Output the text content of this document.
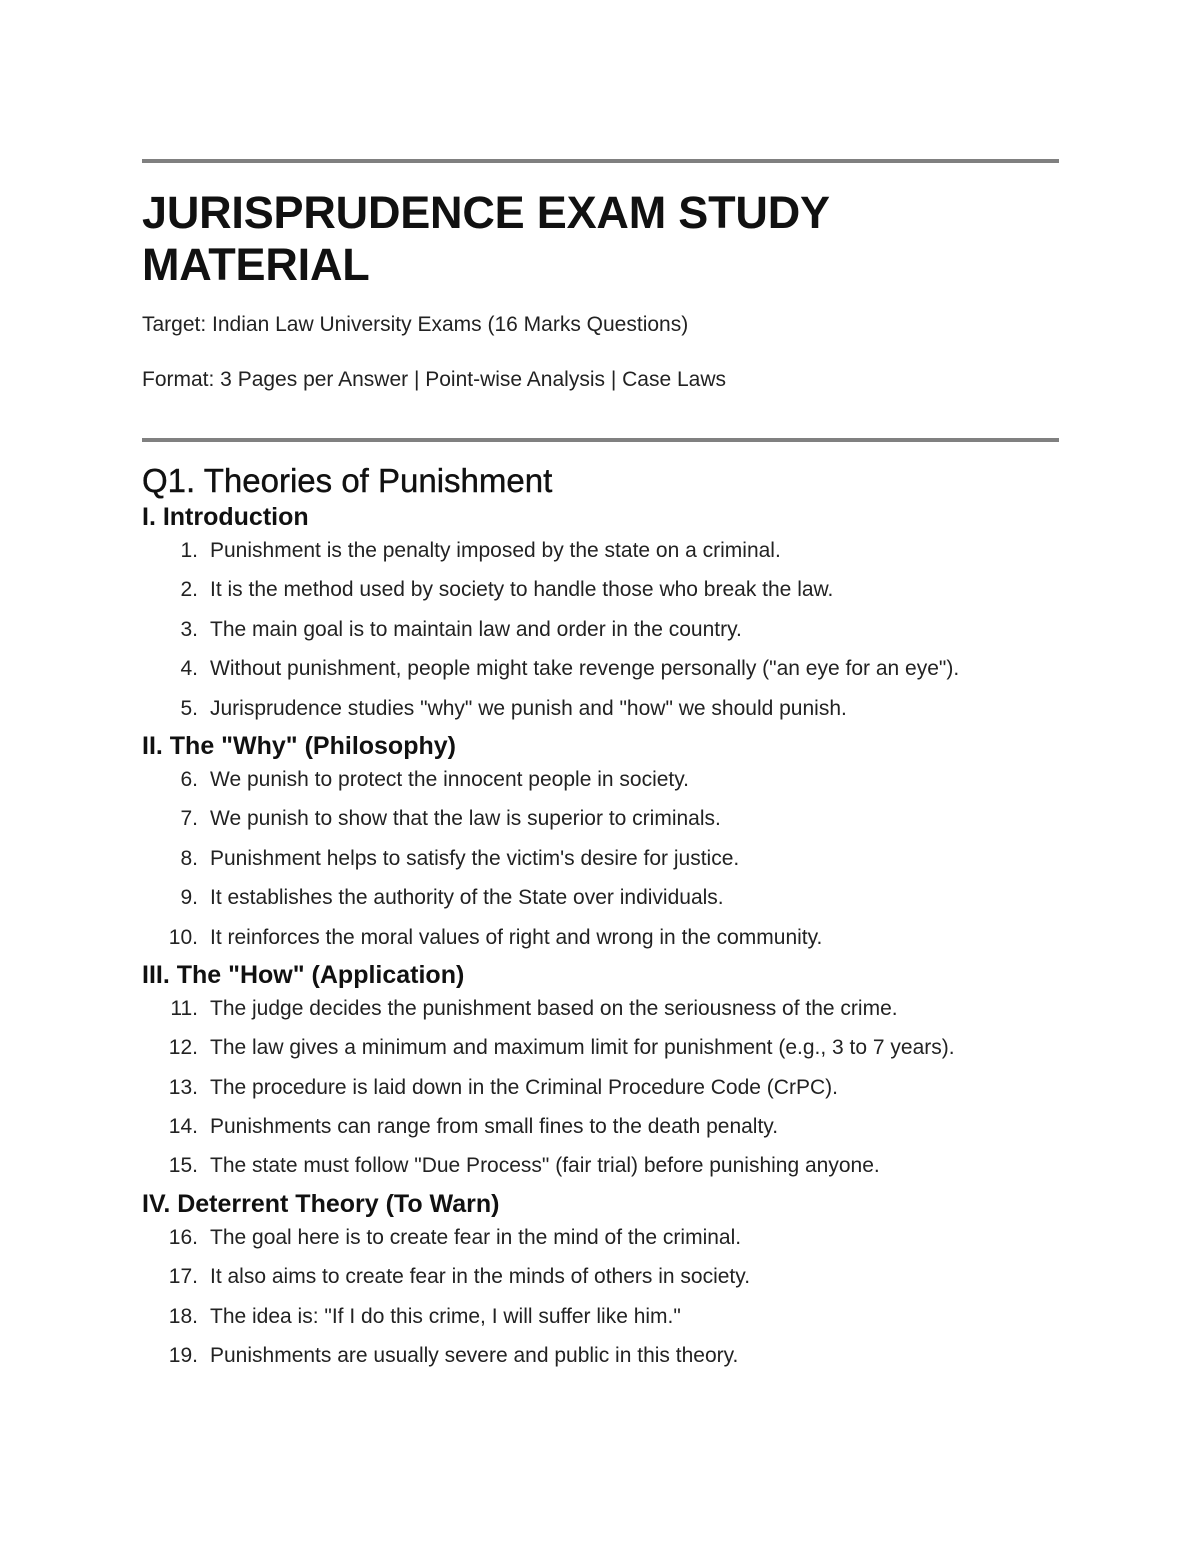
JURISPRUDENCE EXAM STUDY MATERIAL

Target: Indian Law University Exams (16 Marks Questions)

Format: 3 Pages per Answer | Point-wise Analysis | Case Laws

Q1. Theories of Punishment
I. Introduction
1. Punishment is the penalty imposed by the state on a criminal.
2. It is the method used by society to handle those who break the law.
3. The main goal is to maintain law and order in the country.
4. Without punishment, people might take revenge personally ("an eye for an eye").
5. Jurisprudence studies "why" we punish and "how" we should punish.
II. The "Why" (Philosophy)
6. We punish to protect the innocent people in society.
7. We punish to show that the law is superior to criminals.
8. Punishment helps to satisfy the victim's desire for justice.
9. It establishes the authority of the State over individuals.
10. It reinforces the moral values of right and wrong in the community.
III. The "How" (Application)
11. The judge decides the punishment based on the seriousness of the crime.
12. The law gives a minimum and maximum limit for punishment (e.g., 3 to 7 years).
13. The procedure is laid down in the Criminal Procedure Code (CrPC).
14. Punishments can range from small fines to the death penalty.
15. The state must follow "Due Process" (fair trial) before punishing anyone.
IV. Deterrent Theory (To Warn)
16. The goal here is to create fear in the mind of the criminal.
17. It also aims to create fear in the minds of others in society.
18. The idea is: "If I do this crime, I will suffer like him."
19. Punishments are usually severe and public in this theory.
